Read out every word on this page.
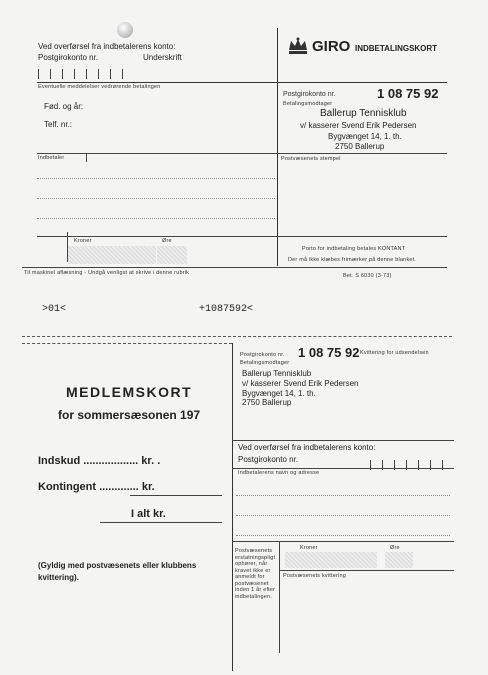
Ved overførsel fra indbetalerens konto:
Postgirokonto nr.	Underskrift
Eventuelle meddelelser vedrørende betalingen
Fød. og år:
Telf. nr.:
Indbetaler
Kroner	Øre
GIRO INDBETALINGSKORT
Postgirokonto nr.	1 08 75 92
Betalingsmodtager
Ballerup Tennisklub
v/ kasserer Svend Erik Pedersen
Bygvænget 14, 1. th.
2750 Ballerup
Postvæsenets stempel
Porto for indbetaling betales KONTANT
Der må ikke klæbes frimærker på denne blanket.
Til maskinel aflæsning - Undgå venligst at skrive i denne rubrik	Bet. S 6030 (3-73)
>01<	+1087592<
MEDLEMSKORT
for sommersæsonen 197
Indskud .................. kr. .
Kontingent ............. kr.
I alt kr.
(Gyldig med postvæsenets eller klubbens
kvittering).
Postgirokonto nr. 1 08 75 92 Kvittering for udsendelsen
Betalingsmodtager
Ballerup Tennisklub
v/ kasserer Svend Erik Pedersen
Bygvænget 14, 1. th.
2750 Ballerup
Ved overførsel fra indbetalerens konto:
Postgirokonto nr.
Indbetalerens navn og adresse
Postvæsenets erstatningspligt ophører, når kravet ikke er anmeldt for postvæsenet inden 1 år efter indbetalingen.
Kroner	Øre
Postvæsenets kvittering
